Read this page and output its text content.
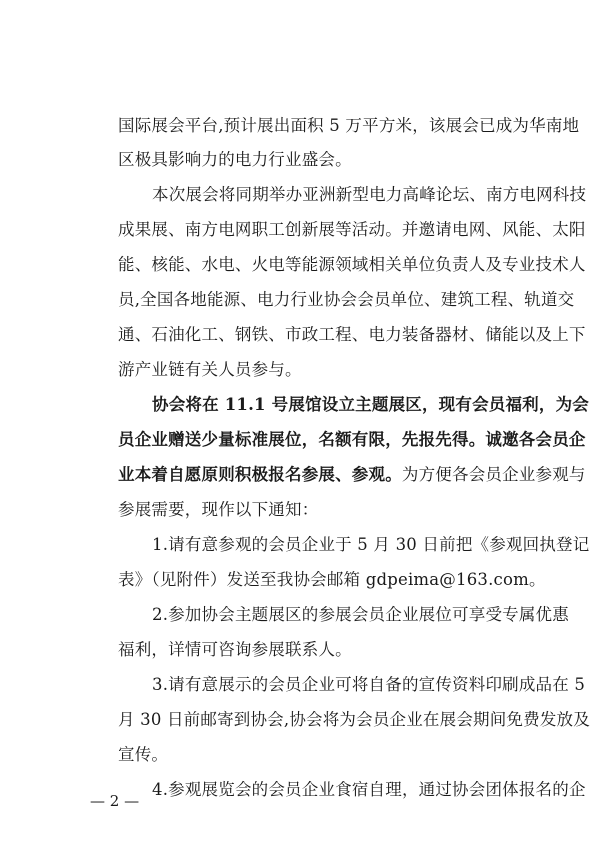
国际展会平台,预计展出面积 5 万平方米，该展会已成为华南地
区极具影响力的电力行业盛会。
本次展会将同期举办亚洲新型电力高峰论坛、南方电网科技
成果展、南方电网职工创新展等活动。并邀请电网、风能、太阳
能、核能、水电、火电等能源领域相关单位负责人及专业技术人
员,全国各地能源、电力行业协会会员单位、建筑工程、轨道交
通、石油化工、钢铁、市政工程、电力装备器材、储能以及上下
游产业链有关人员参与。
协会将在 11.1 号展馆设立主题展区，现有会员福利，为会
员企业赠送少量标准展位，名额有限，先报先得。诚邀各会员企
业本着自愿原则积极报名参展、参观。为方便各会员企业参观与
参展需要，现作以下通知：
1.请有意参观的会员企业于 5 月 30 日前把《参观回执登记
表》（见附件）发送至我协会邮箱 gdpeima@163.com。
2.参加协会主题展区的参展会员企业展位可享受专属优惠
福利，详情可咨询参展联系人。
3.请有意展示的会员企业可将自备的宣传资料印刷成品在 5
月 30 日前邮寄到协会,协会将为会员企业在展会期间免费发放及
宣传。
4.参观展览会的会员企业食宿自理，通过协会团体报名的企
— 2 —
